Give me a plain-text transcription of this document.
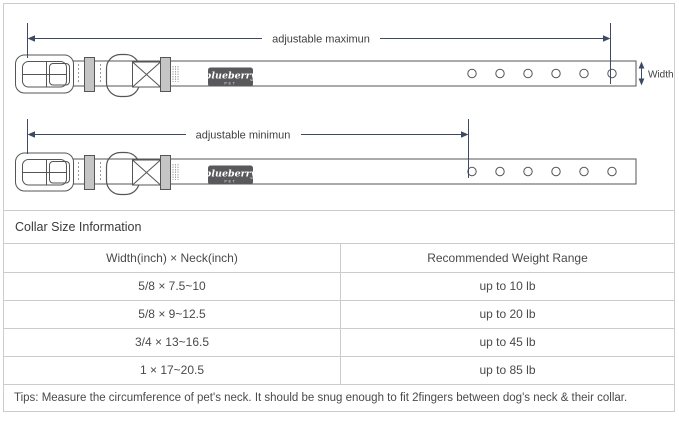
adjustable maximun
Width
adjustable minimun
Collar Size Information
Width(inch) × Neck(inch)	Recommended Weight Range
5/8 × 7.5~10	up to 10 lb
5/8 × 9~12.5	up to 20 lb
3/4 × 13~16.5	up to 45 lb
1 × 17~20.5	up to 85 lb
Tips: Measure the circumference of pet's neck. It should be snug enough to fit 2fingers between dog's neck & their collar.
